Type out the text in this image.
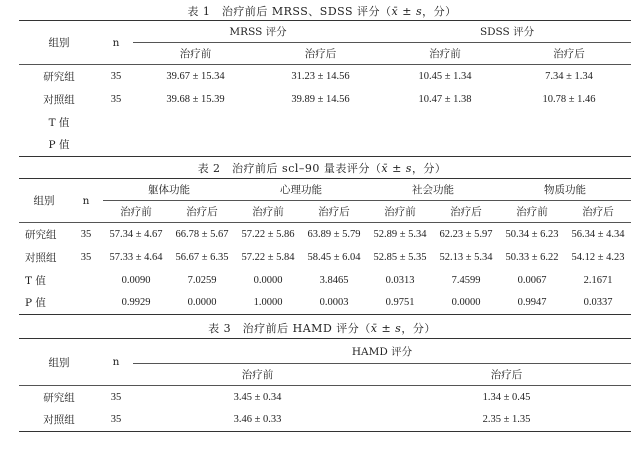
表 1　治疗前后 MRSS、SDSS 评分（x̄ ± s，分）
组别	n	MRSS 评分		SDSS 评分	
		治疗前	治疗后	治疗前	治疗后
研究组	35	39.67 ± 15.34	31.23 ± 14.56	10.45 ± 1.34	7.34 ± 1.34
对照组	35	39.68 ± 15.39	39.89 ± 14.56	10.47 ± 1.38	10.78 ± 1.46
T 值					
P 值					
表 2　治疗前后 scl–90 量表评分（x̄ ± s，分）
组别	n	躯体功能		心理功能		社会功能		物质功能	
		治疗前	治疗后	治疗前	治疗后	治疗前	治疗后	治疗前	治疗后
研究组	35	57.34 ± 4.67	66.78 ± 5.67	57.22 ± 5.86	63.89 ± 5.79	52.89 ± 5.34	62.23 ± 5.97	50.34 ± 6.23	56.34 ± 4.34
对照组	35	57.33 ± 4.64	56.67 ± 6.35	57.22 ± 5.84	58.45 ± 6.04	52.85 ± 5.35	52.13 ± 5.34	50.33 ± 6.22	54.12 ± 4.23
T 值		0.0090	7.0259	0.0000	3.8465	0.0313	7.4599	0.0067	2.1671
P 值		0.9929	0.0000	1.0000	0.0003	0.9751	0.0000	0.9947	0.0337
表 3　治疗前后 HAMD 评分（x̄ ± s，分）
组别	n	HAMD 评分	
		治疗前	治疗后
研究组	35	3.45 ± 0.34	1.34 ± 0.45
对照组	35	3.46 ± 0.33	2.35 ± 1.35
